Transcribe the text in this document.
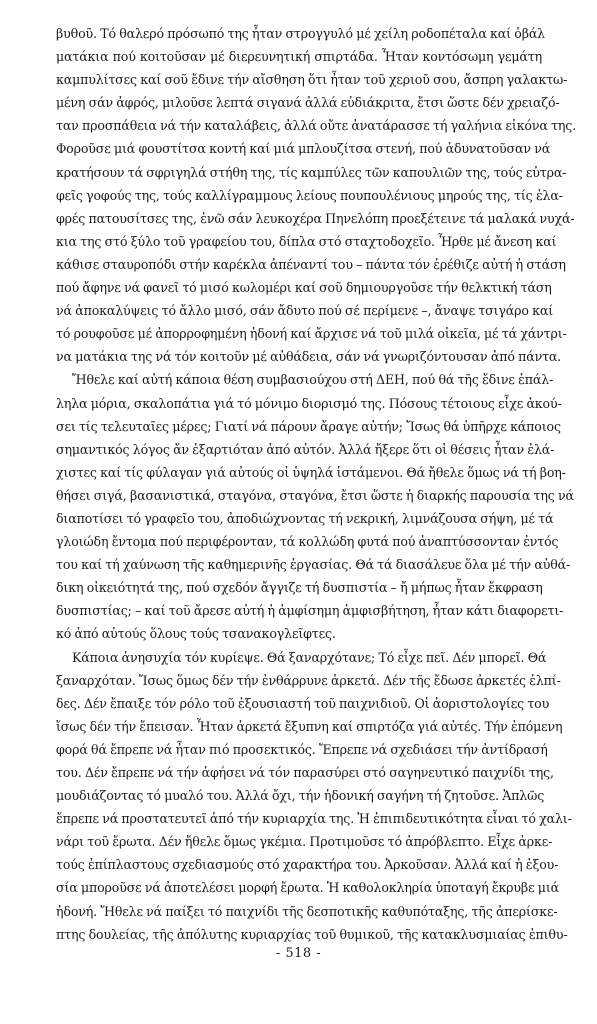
βυθοῦ. Τό θαλερό πρόσωπό της ἦταν στρογγυλό μέ χείλη ροδοπέταλα καί ὀβάλ
ματάκια πού κοιτοῦσαν μέ διερευνητική σπιρτάδα. Ἦταν κοντόσωμη γεμάτη
καμπυλίτσες καί σοῦ ἔδινε τήν αἴσθηση ὅτι ἦταν τοῦ χεριοῦ σου, ἄσπρη γαλακτω-
μένη σάν ἀφρός, μιλοῦσε λεπτά σιγανά ἀλλά εὐδιάκριτα, ἔτσι ὥστε δέν χρειαζό-
ταν προσπάθεια νά τήν καταλάβεις, ἀλλά οὔτε ἀνατάρασσε τή γαλήνια εἰκόνα της.
Φοροῦσε μιά φουστίτσα κοντή καί μιά μπλουζίτσα στενή, πού ἀδυνατοῦσαν νά
κρατήσουν τά σφριγηλά στήθη της, τίς καμπύλες τῶν καπουλιῶν της, τούς εὐτρα-
φεῖς γοφούς της, τούς καλλίγραμμους λείους πουπουλένιους μηρούς της, τίς ἐλα-
φρές πατουσίτσες της, ἐνῶ σάν λευκοχέρα Πηνελόπη προεξέτεινε τά μαλακά νυχά-
κια της στό ξύλο τοῦ γραφείου του, δίπλα στό σταχτοδοχεῖο. Ἦρθε μέ ἄνεση καί
κάθισε σταυροπόδι στήν καρέκλα ἀπέναντί του – πάντα τόν ἐρέθιζε αὐτή ἡ στάση
πού ἄφηνε νά φανεῖ τό μισό κωλομέρι καί σοῦ δημιουργοῦσε τήν θελκτική τάση
νά ἀποκαλύψεις τό ἄλλο μισό, σάν ἄδυτο πού σέ περίμενε –, ἄναψε τσιγάρο καί
τό ρουφοῦσε μέ ἀπορροφημένη ἡδονή καί ἄρχισε νά τοῦ μιλά οἰκεῖα, μέ τά χάντρι-
να ματάκια της νά τόν κοιτοῦν μέ αὐθάδεια, σάν νά γνωριζόντουσαν ἀπό πάντα.
Ἤθελε καί αὐτή κάποια θέση συμβασιούχου στή ΔΕΗ, πού θά τῆς ἔδινε ἐπάλ-
ληλα μόρια, σκαλοπάτια γιά τό μόνιμο διορισμό της. Πόσους τέτοιους εἶχε ἀκού-
σει τίς τελευταῖες μέρες; Γιατί νά πάρουν ἄραγε αὐτήν; Ἴσως θά ὑπῆρχε κάποιος
σημαντικός λόγος ἄν ἐξαρτιόταν ἀπό αὐτόν. Ἀλλά ἤξερε ὅτι οἱ θέσεις ἦταν ἐλά-
χιστες καί τίς φύλαγαν γιά αὐτούς οἱ ὑψηλά ἱστάμενοι. Θά ἤθελε ὅμως νά τή βοη-
θήσει σιγά, βασανιστικά, σταγόνα, σταγόνα, ἔτσι ὥστε ἡ διαρκής παρουσία της νά
διαποτίσει τό γραφεῖο του, ἀποδιώχνοντας τή νεκρική, λιμνάζουσα σήψη, μέ τά
γλοιώδη ἔντομα πού περιφέρονταν, τά κολλώδη φυτά πού ἀναπτύσσονταν ἐντός
του καί τή χαύνωση τῆς καθημερινῆς ἐργασίας. Θά τά διασάλευε ὅλα μέ τήν αὐθά-
δικη οἰκειότητά της, πού σχεδόν ἄγγιζε τή δυσπιστία – ἤ μήπως ἦταν ἔκφραση
δυσπιστίας; – καί τοῦ ἄρεσε αὐτή ἡ ἀμφίσημη ἀμφισβήτηση, ἦταν κάτι διαφορετι-
κό ἀπό αὐτούς ὅλους τούς τσανακογλεῖφτες.
Κάποια ἀνησυχία τόν κυρίεψε. Θά ξαναρχότανε; Τό εἶχε πεῖ. Δέν μπορεῖ. Θά
ξαναρχόταν. Ἴσως ὅμως δέν τήν ἐνθάρρυνε ἀρκετά. Δέν τῆς ἔδωσε ἀρκετές ἐλπί-
δες. Δέν ἔπαιξε τόν ρόλο τοῦ ἐξουσιαστή τοῦ παιχνιδιοῦ. Οἱ ἀοριστολογίες του
ἴσως δέν τήν ἔπεισαν. Ἦταν ἀρκετά ἔξυπνη καί σπιρτόζα γιά αὐτές. Τήν ἑπόμενη
φορά θά ἔπρεπε νά ἦταν πιό προσεκτικός. Ἔπρεπε νά σχεδιάσει τήν ἀντίδρασή
του. Δέν ἔπρεπε νά τήν ἀφήσει νά τόν παρασύρει στό σαγηνευτικό παιχνίδι της,
μουδιάζοντας τό μυαλό του. Ἀλλά ὄχι, τήν ἡδονική σαγήνη τή ζητοῦσε. Ἁπλῶς
ἔπρεπε νά προστατευτεῖ ἀπό τήν κυριαρχία της. Ἡ ἐπιπιδευτικότητα εἶναι τό χαλι-
νάρι τοῦ ἔρωτα. Δέν ἤθελε ὅμως γκέμια. Προτιμοῦσε τό ἀπρόβλεπτο. Εἶχε ἀρκε-
τούς ἐπίπλαστους σχεδιασμούς στό χαρακτήρα του. Ἀρκοῦσαν. Ἀλλά καί ἡ ἐξου-
σία μποροῦσε νά ἀποτελέσει μορφή ἔρωτα. Ἡ καθολοκληρία ὑποταγή ἔκρυβε μιά
ἡδονή. Ἤθελε νά παίξει τό παιχνίδι τῆς δεσποτικῆς καθυπόταξης, τῆς ἀπερίσκε-
πτης δουλείας, τῆς ἀπόλυτης κυριαρχίας τοῦ θυμικοῦ, τῆς κατακλυσμιαίας ἐπιθυ-
- 518 -
